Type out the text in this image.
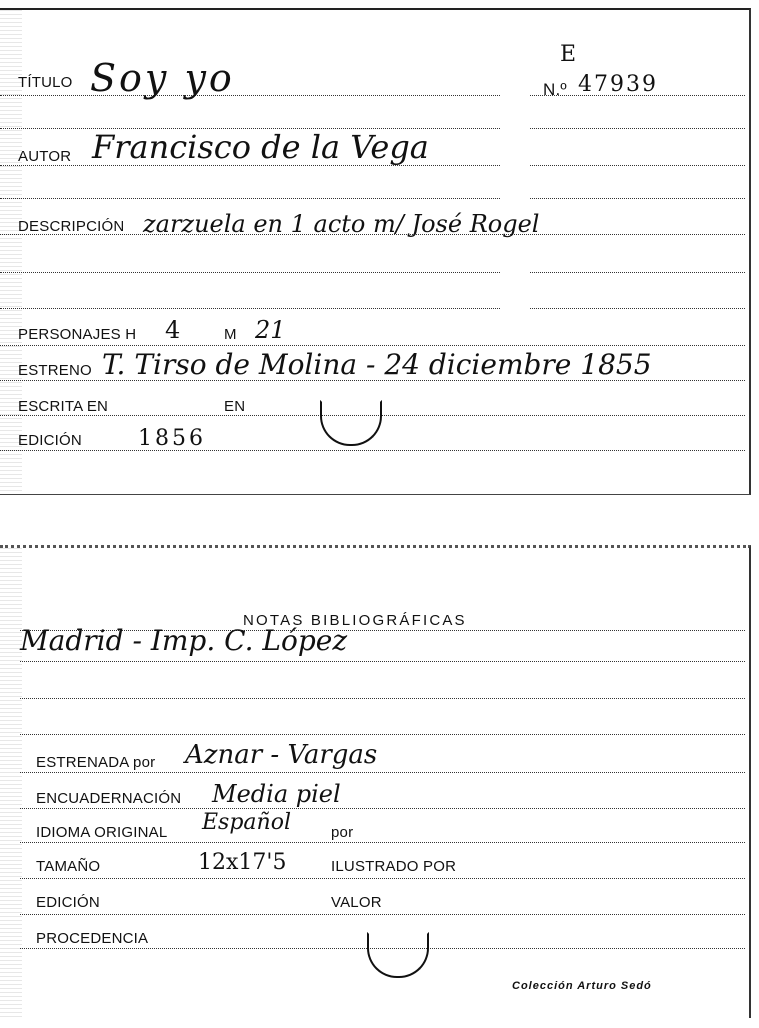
TÍTULO Soy yo
E
N.º 47939
AUTOR Francisco de la Vega
DESCRIPCIÓN zarzuela en 1 acto m/ José Rogel
PERSONAJES H 4	M 21
ESTRENO T. Tirso de Molina - 24 diciembre 1855
ESCRITA EN	EN
EDICIÓN	1856
NOTAS BIBLIOGRÁFICAS
Madrid - Imp. C. López
ESTRENADA por Aznar - Vargas
ENCUADERNACIÓN Media piel
IDIOMA ORIGINAL Español	por
TAMAÑO	12x17'5	ILUSTRADO POR
EDICIÓN	VALOR
PROCEDENCIA
Colección Arturo Sedó
